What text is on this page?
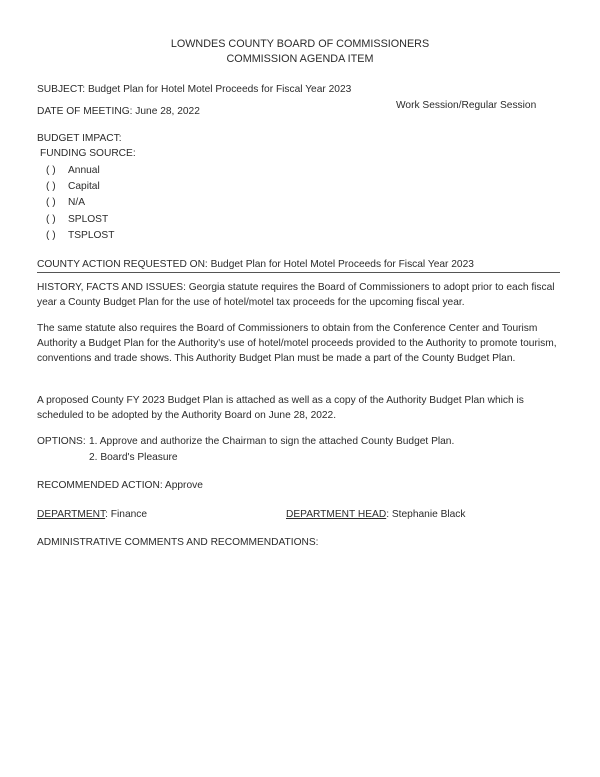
LOWNDES COUNTY BOARD OF COMMISSIONERS
COMMISSION AGENDA ITEM
SUBJECT: Budget Plan for Hotel Motel Proceeds for Fiscal Year 2023
DATE OF MEETING: June 28, 2022
Work Session/Regular Session
BUDGET IMPACT:
FUNDING SOURCE:
( ) Annual
( ) Capital
( ) N/A
( ) SPLOST
( ) TSPLOST
COUNTY ACTION REQUESTED ON: Budget Plan for Hotel Motel Proceeds for Fiscal Year 2023
HISTORY, FACTS AND ISSUES: Georgia statute requires the Board of Commissioners to adopt prior to each fiscal year a County Budget Plan for the use of hotel/motel tax proceeds for the upcoming fiscal year.
The same statute also requires the Board of Commissioners to obtain from the Conference Center and Tourism Authority a Budget Plan for the Authority's use of hotel/motel proceeds provided to the Authority to promote tourism, conventions and trade shows. This Authority Budget Plan must be made a part of the County Budget Plan.
A proposed County FY 2023 Budget Plan is attached as well as a copy of the Authority Budget Plan which is scheduled to be adopted by the Authority Board on June 28, 2022.
OPTIONS: 1. Approve and authorize the Chairman to sign the attached County Budget Plan.
2. Board's Pleasure
RECOMMENDED ACTION: Approve
DEPARTMENT: Finance	DEPARTMENT HEAD: Stephanie Black
ADMINISTRATIVE COMMENTS AND RECOMMENDATIONS:
